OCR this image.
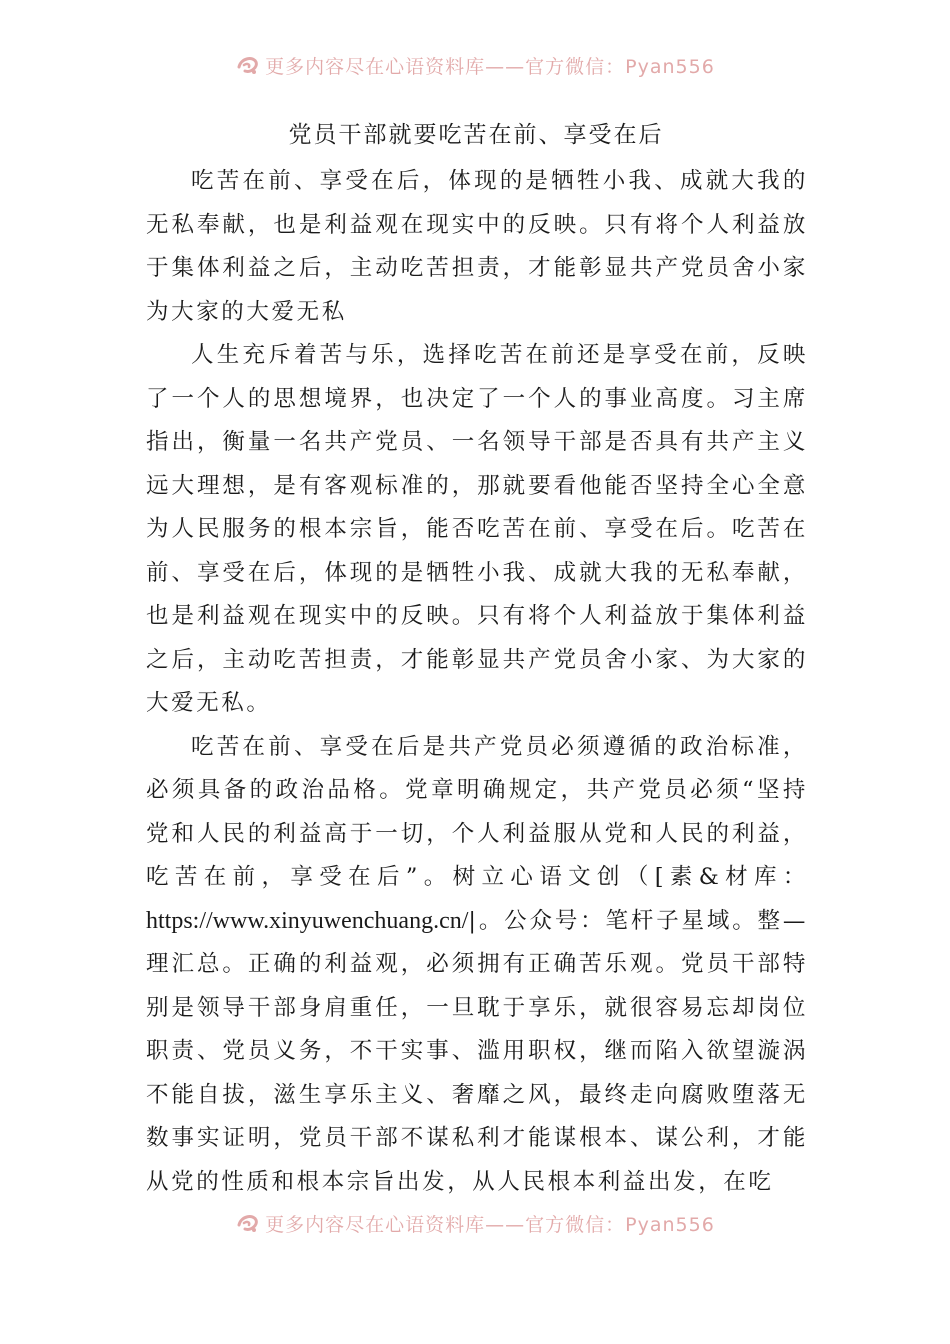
更多内容尽在心语资料库——官方微信：Pyan556
党员干部就要吃苦在前、享受在后

吃苦在前、享受在后，体现的是牺牲小我、成就大我的无私奉献，也是利益观在现实中的反映。只有将个人利益放于集体利益之后，主动吃苦担责，才能彰显共产党员舍小家为大家的大爱无私

人生充斥着苦与乐，选择吃苦在前还是享受在前，反映了一个人的思想境界，也决定了一个人的事业高度。习主席指出，衡量一名共产党员、一名领导干部是否具有共产主义远大理想，是有客观标准的，那就要看他能否坚持全心全意为人民服务的根本宗旨，能否吃苦在前、享受在后。吃苦在前、享受在后，体现的是牺牲小我、成就大我的无私奉献，也是利益观在现实中的反映。只有将个人利益放于集体利益之后，主动吃苦担责，才能彰显共产党员舍小家、为大家的大爱无私。

吃苦在前、享受在后是共产党员必须遵循的政治标准，必须具备的政治品格。党章明确规定，共产党员必须“坚持党和人民的利益高于一切，个人利益服从党和人民的利益，吃苦在前，享受在后”。树立心语文创（[素&材库：https://www.xinyuwenchuang.cn/|。公众号：笔杆子星域。整—理汇总。正确的利益观，必须拥有正确苦乐观。党员干部特别是领导干部身肩重任，一旦耽于享乐，就很容易忘却岗位职责、党员义务，不干实事、滥用职权，继而陷入欲望漩涡不能自拔，滋生享乐主义、奢靡之风，最终走向腐败堕落无数事实证明，党员干部不谋私利才能谋根本、谋公利，才能从党的性质和根本宗旨出发，从人民根本利益出发，在吃

更多内容尽在心语资料库——官方微信：Pyan556
